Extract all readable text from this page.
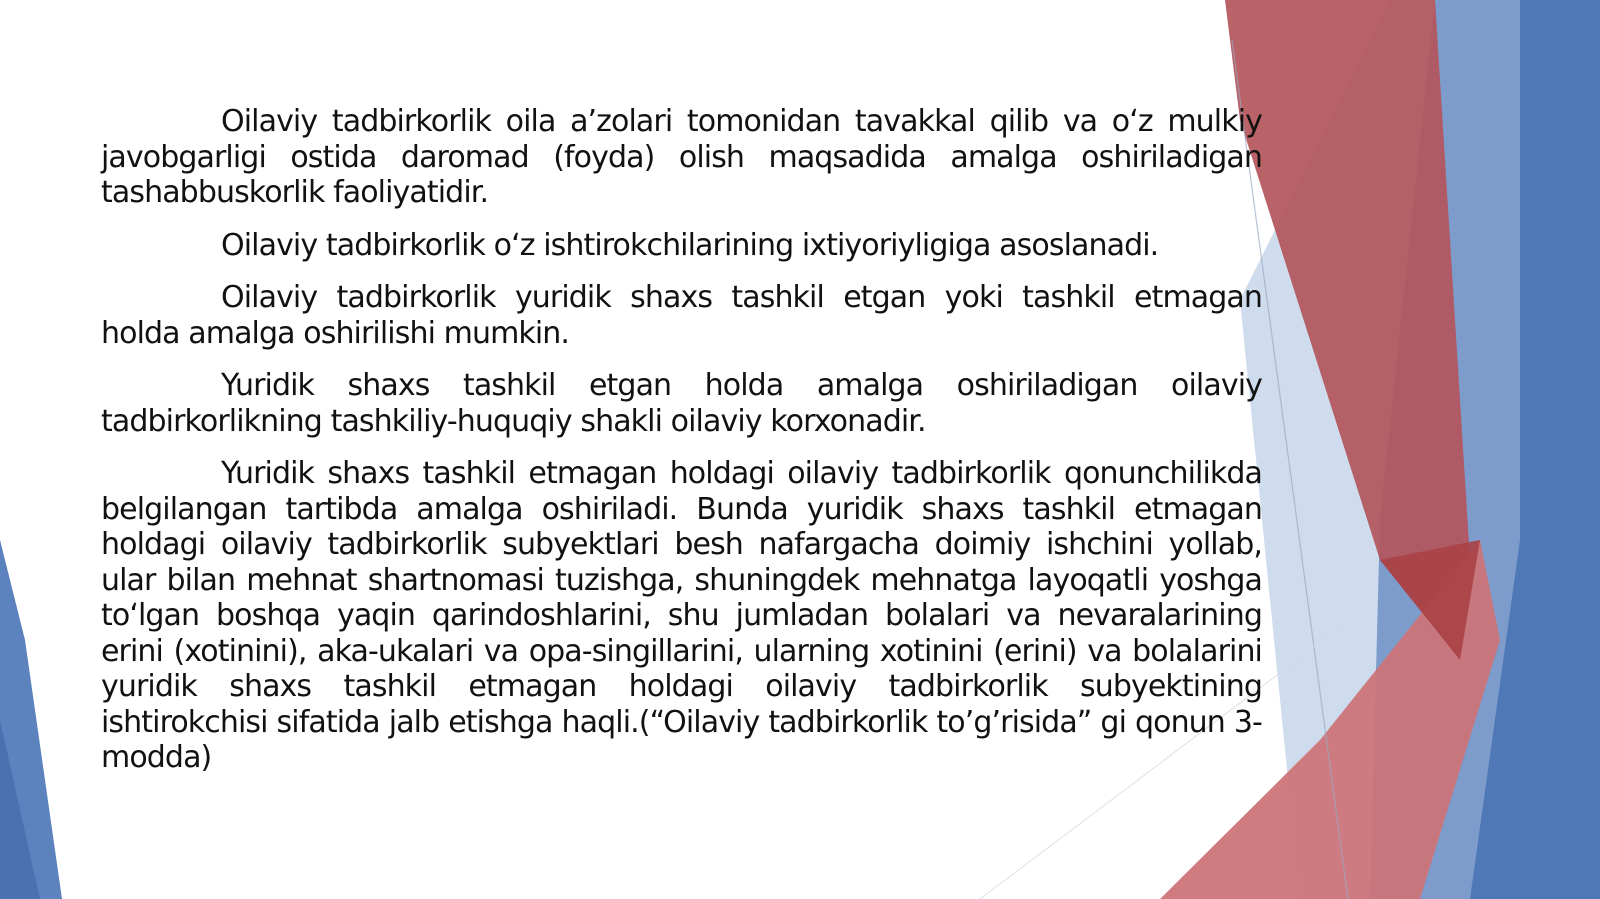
Oilaviy tadbirkorlik oila a’zolari tomonidan tavakkal qilib va o‘z mulkiy javobgarligi ostida daromad (foyda) olish maqsadida amalga oshiriladigan tashabbuskorlik faoliyatidir.

Oilaviy tadbirkorlik o‘z ishtirokchilarining ixtiyoriyligiga asoslanadi.

Oilaviy tadbirkorlik yuridik shaxs tashkil etgan yoki tashkil etmagan holda amalga oshirilishi mumkin.

Yuridik shaxs tashkil etgan holda amalga oshiriladigan oilaviy tadbirkorlikning tashkiliy-huquqiy shakli oilaviy korxonadir.

Yuridik shaxs tashkil etmagan holdagi oilaviy tadbirkorlik qonunchilikda belgilangan tartibda amalga oshiriladi. Bunda yuridik shaxs tashkil etmagan holdagi oilaviy tadbirkorlik subyektlari besh nafargacha doimiy ishchini yollab, ular bilan mehnat shartnomasi tuzishga, shuningdek mehnatga layoqatli yoshga to‘lgan boshqa yaqin qarindoshlarini, shu jumladan bolalari va nevaralarining erini (xotinini), aka-ukalari va opa-singillarini, ularning xotinini (erini) va bolalarini yuridik shaxs tashkil etmagan holdagi oilaviy tadbirkorlik subyektining ishtirokchisi sifatida jalb etishga haqli.(“Oilaviy tadbirkorlik to’g’risida” gi qonun 3-modda)
